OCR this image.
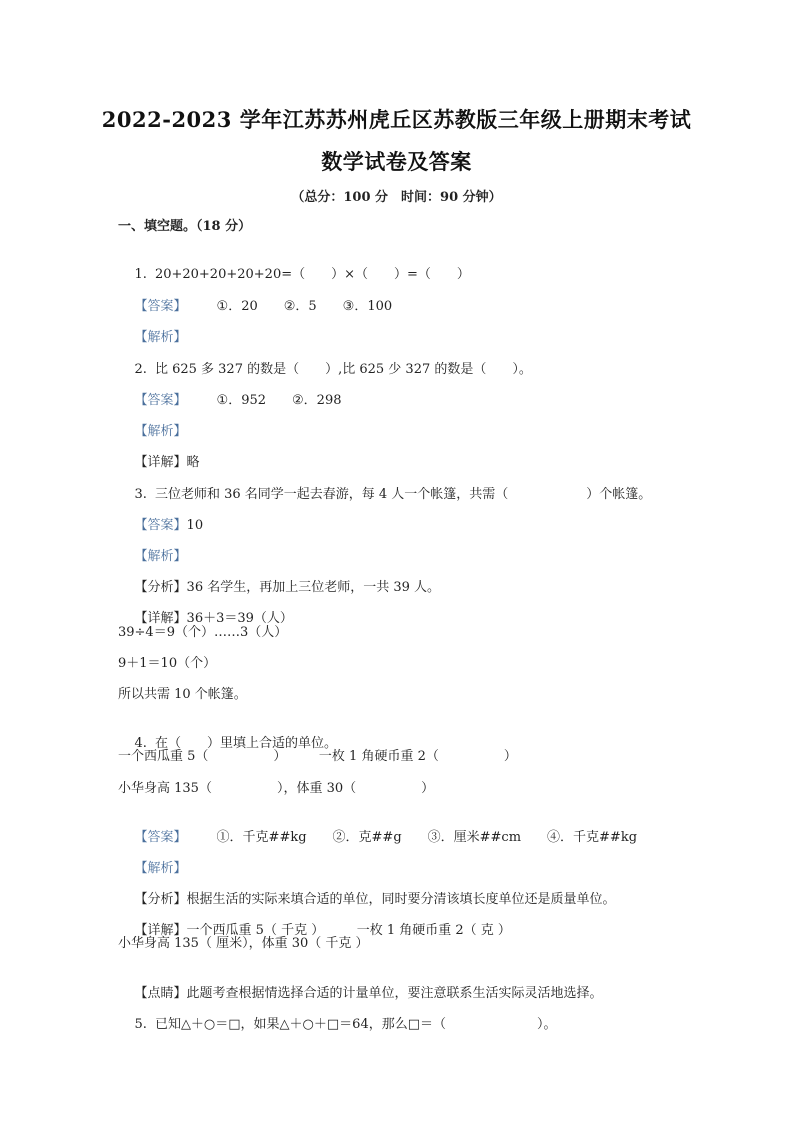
2022-2023 学年江苏苏州虎丘区苏教版三年级上册期末考试
数学试卷及答案
（总分：100 分　时间：90 分钟）
一、填空题。（18 分）

1. 20+20+20+20+20=（　　）×（　　）=（　　）

【答案】 ①．20　　②．5　　③．100

【解析】

2. 比 625 多 327 的数是（　　）,比 625 少 327 的数是（　　）。

【答案】 ①．952　　②．298

【解析】

【详解】略

3. 三位老师和 36 名同学一起去春游，每 4 人一个帐篷，共需（　　　　　　）个帐篷。

【答案】10

【解析】

【分析】36 名学生，再加上三位老师，一共 39 人。

【详解】36＋3＝39（人）

39÷4＝9（个）……3（人）
9＋1＝10（个）
所以共需 10 个帐篷。

4. 在（　　）里填上合适的单位。

一个西瓜重 5（　　　　　）　　　一枚 1 角硬币重 2（　　　　　）
小华身高 135（　　　　　），体重 30（　　　　　）

【答案】 ①．千克##kg　　②．克##g　　③．厘米##cm　　④．千克##kg

【解析】

【分析】根据生活的实际来填合适的单位，同时要分清该填长度单位还是质量单位。

【详解】一个西瓜重 5（ 千克 ）　　　一枚 1 角硬币重 2（ 克 ）

小华身高 135（ 厘米），体重 30（ 千克 ）

【点睛】此题考查根据情选择合适的计量单位，要注意联系生活实际灵活地选择。

5. 已知△＋○＝□，如果△＋○＋□＝64，那么□＝（　　　　　　　）。
